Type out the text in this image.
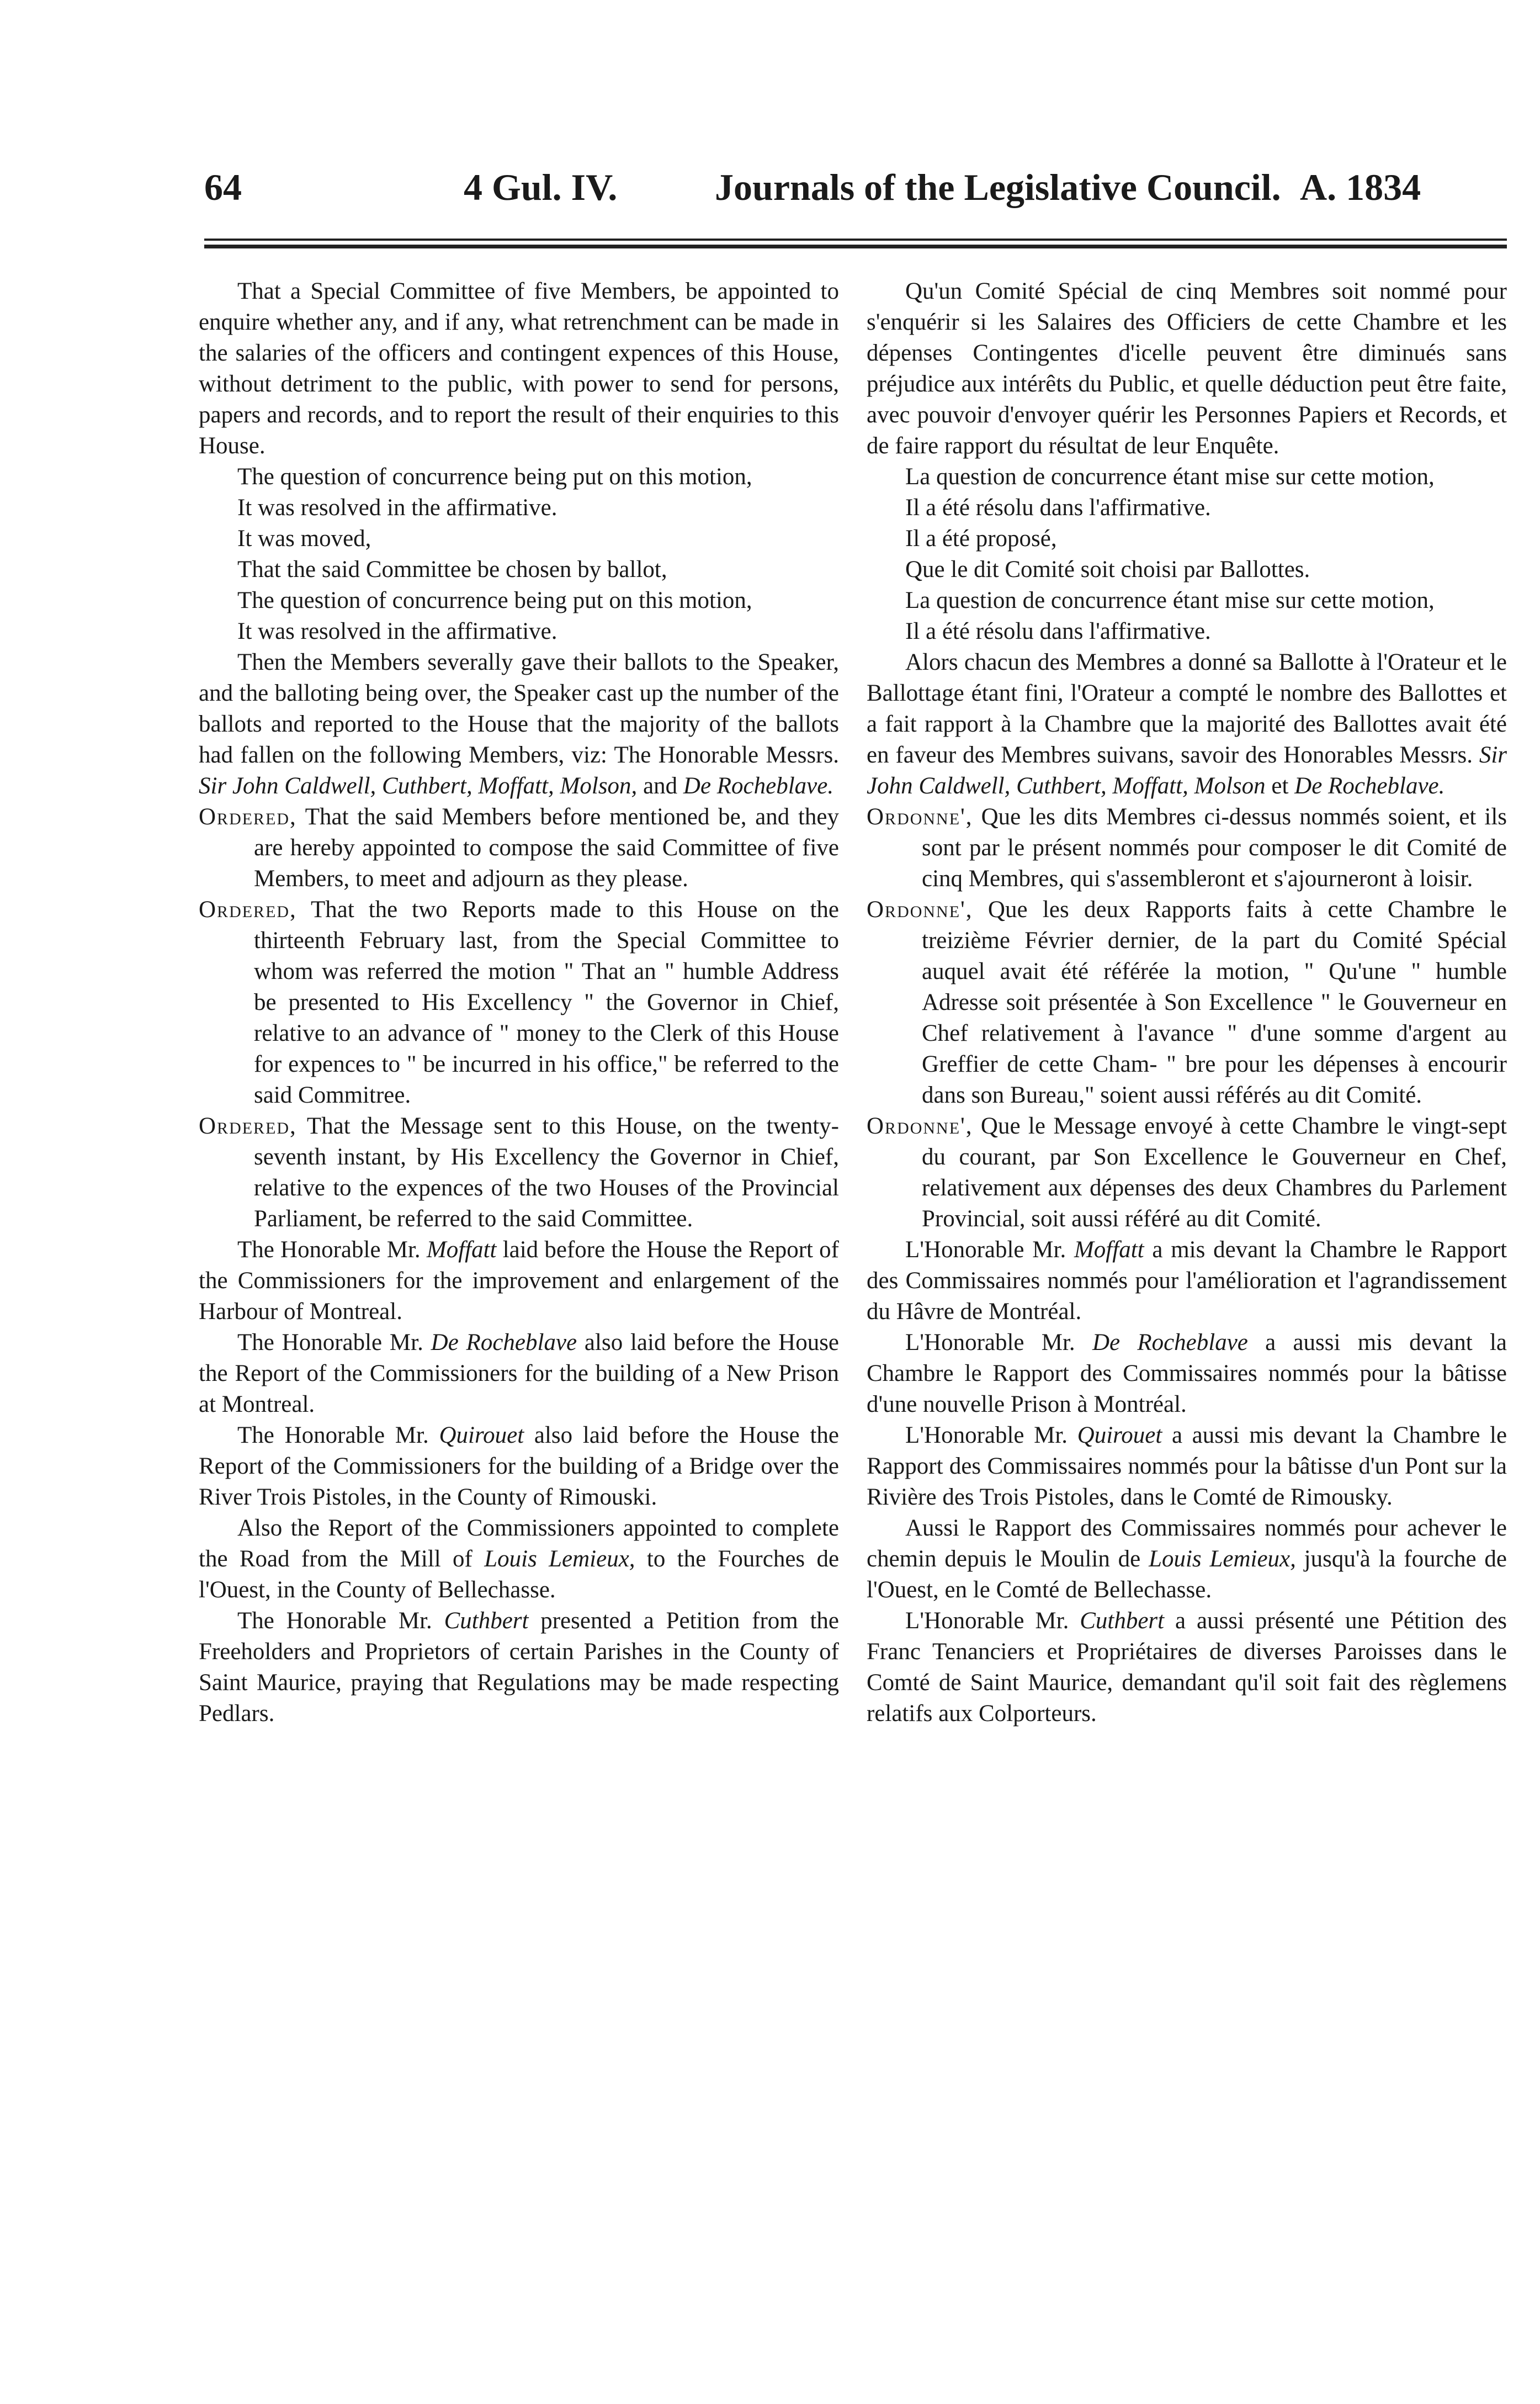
64	4 Gul. IV.	Journals of the Legislative Council. A. 1834

That a Special Committee of five Members, be appointed to enquire whether any, and if any, what retrenchment can be made in the salaries of the officers and contingent expences of this House, without detriment to the public, with power to send for persons, papers and records, and to report the result of their enquiries to this House.

The question of concurrence being put on this motion,

It was resolved in the affirmative.

It was moved,

That the said Committee be chosen by ballot,

The question of concurrence being put on this motion,

It was resolved in the affirmative.

Then the Members severally gave their ballots to the Speaker, and the balloting being over, the Speaker cast up the number of the ballots and reported to the House that the majority of the ballots had fallen on the following Members, viz: The Honorable Messrs. Sir John Caldwell, Cuthbert, Moffatt, Molson, and De Rocheblave.

Ordered, That the said Members before mentioned be, and they are hereby appointed to compose the said Committee of five Members, to meet and adjourn as they please.

Ordered, That the two Reports made to this House on the thirteenth February last, from the Special Committee to whom was referred the motion " That an " humble Address be presented to His Excellency " the Governor in Chief, relative to an advance of " money to the Clerk of this House for expences to " be incurred in his office," be referred to the said Commitree.

Ordered, That the Message sent to this House, on the twenty-seventh instant, by His Excellency the Governor in Chief, relative to the expences of the two Houses of the Provincial Parliament, be referred to the said Committee.

The Honorable Mr. Moffatt laid before the House the Report of the Commissioners for the improvement and enlargement of the Harbour of Montreal.

The Honorable Mr. De Rocheblave also laid before the House the Report of the Commissioners for the building of a New Prison at Montreal.

The Honorable Mr. Quirouet also laid before the House the Report of the Commissioners for the building of a Bridge over the River Trois Pistoles, in the County of Rimouski.

Also the Report of the Commissioners appointed to complete the Road from the Mill of Louis Lemieux, to the Fourches de l'Ouest, in the County of Bellechasse.

The Honorable Mr. Cuthbert presented a Petition from the Freeholders and Proprietors of certain Parishes in the County of Saint Maurice, praying that Regulations may be made respecting Pedlars.

Qu'un Comité Spécial de cinq Membres soit nommé pour s'enquérir si les Salaires des Officiers de cette Chambre et les dépenses Contingentes d'icelle peuvent être diminués sans préjudice aux intérêts du Public, et quelle déduction peut être faite, avec pouvoir d'envoyer quérir les Personnes Papiers et Records, et de faire rapport du résultat de leur Enquête.

La question de concurrence étant mise sur cette motion,

Il a été résolu dans l'affirmative.

Il a été proposé,

Que le dit Comité soit choisi par Ballottes.

La question de concurrence étant mise sur cette motion,

Il a été résolu dans l'affirmative.

Alors chacun des Membres a donné sa Ballotte à l'Orateur et le Ballottage étant fini, l'Orateur a compté le nombre des Ballottes et a fait rapport à la Chambre que la majorité des Ballottes avait été en faveur des Membres suivans, savoir des Honorables Messrs. Sir John Caldwell, Cuthbert, Moffatt, Molson et De Rocheblave.

Ordonne', Que les dits Membres ci-dessus nommés soient, et ils sont par le présent nommés pour composer le dit Comité de cinq Membres, qui s'assembleront et s'ajourneront à loisir.

Ordonne', Que les deux Rapports faits à cette Chambre le treizième Février dernier, de la part du Comité Spécial auquel avait été référée la motion, " Qu'une " humble Adresse soit présentée à Son Excellence " le Gouverneur en Chef relativement à l'avance " d'une somme d'argent au Greffier de cette Cham- " bre pour les dépenses à encourir dans son Bureau," soient aussi référés au dit Comité.

Ordonne', Que le Message envoyé à cette Chambre le vingt-sept du courant, par Son Excellence le Gouverneur en Chef, relativement aux dépenses des deux Chambres du Parlement Provincial, soit aussi référé au dit Comité.

L'Honorable Mr. Moffatt a mis devant la Chambre le Rapport des Commissaires nommés pour l'amélioration et l'agrandissement du Hâvre de Montréal.

L'Honorable Mr. De Rocheblave a aussi mis devant la Chambre le Rapport des Commissaires nommés pour la bâtisse d'une nouvelle Prison à Montréal.

L'Honorable Mr. Quirouet a aussi mis devant la Chambre le Rapport des Commissaires nommés pour la bâtisse d'un Pont sur la Rivière des Trois Pistoles, dans le Comté de Rimousky.

Aussi le Rapport des Commissaires nommés pour achever le chemin depuis le Moulin de Louis Lemieux, jusqu'à la fourche de l'Ouest, en le Comté de Bellechasse.

L'Honorable Mr. Cuthbert a aussi présenté une Pétition des Franc Tenanciers et Propriétaires de diverses Paroisses dans le Comté de Saint Maurice, demandant qu'il soit fait des règlemens relatifs aux Colporteurs.
